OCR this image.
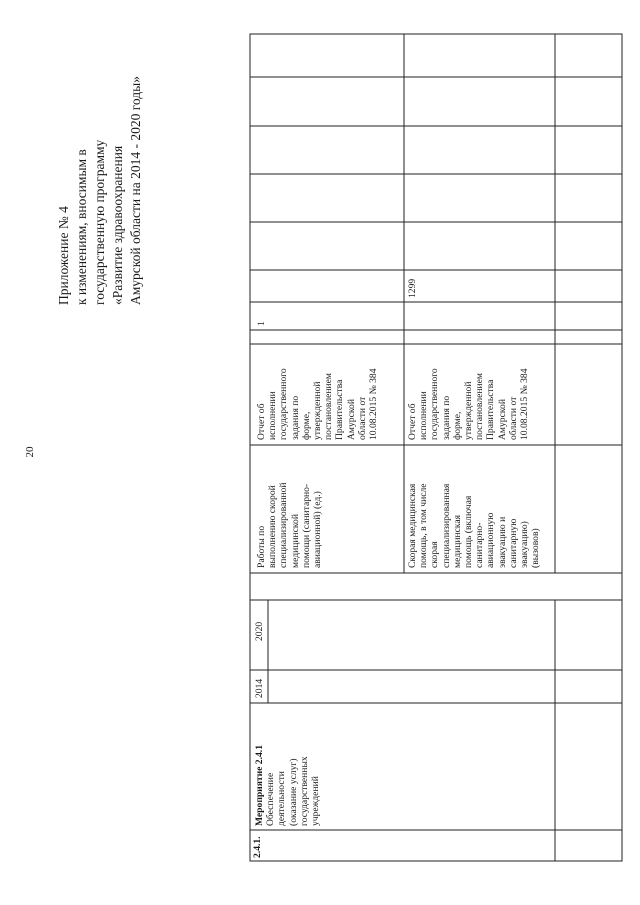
20
Приложение № 4 к изменениям, вносимым в государственную программу «Развитие здравоохранения Амурской области на 2014 - 2020 годы»
2.4.1.
Мероприятие 2.4.1 Обеспечение деятельности (оказание услуг) государственных учреждений
2014
2020
Работы по выполнению скорой специализированной медицинской помощи (санитарно- авиационной) (ед.)	Скорая медицинская помощь, в том числе скорая специализированная медицинская помощь (включая санитарно- авиационную эвакуацию и санитарную эвакуацию) (вызовов)
Отчет об исполнении государственного задания по форме, утвержденной постановлением Правительства Амурской области от 10.08.2015 № 384	Отчет об исполнении государственного задания по форме, утвержденной постановлением Правительства Амурской области от 10.08.2015 № 384
1
1299
